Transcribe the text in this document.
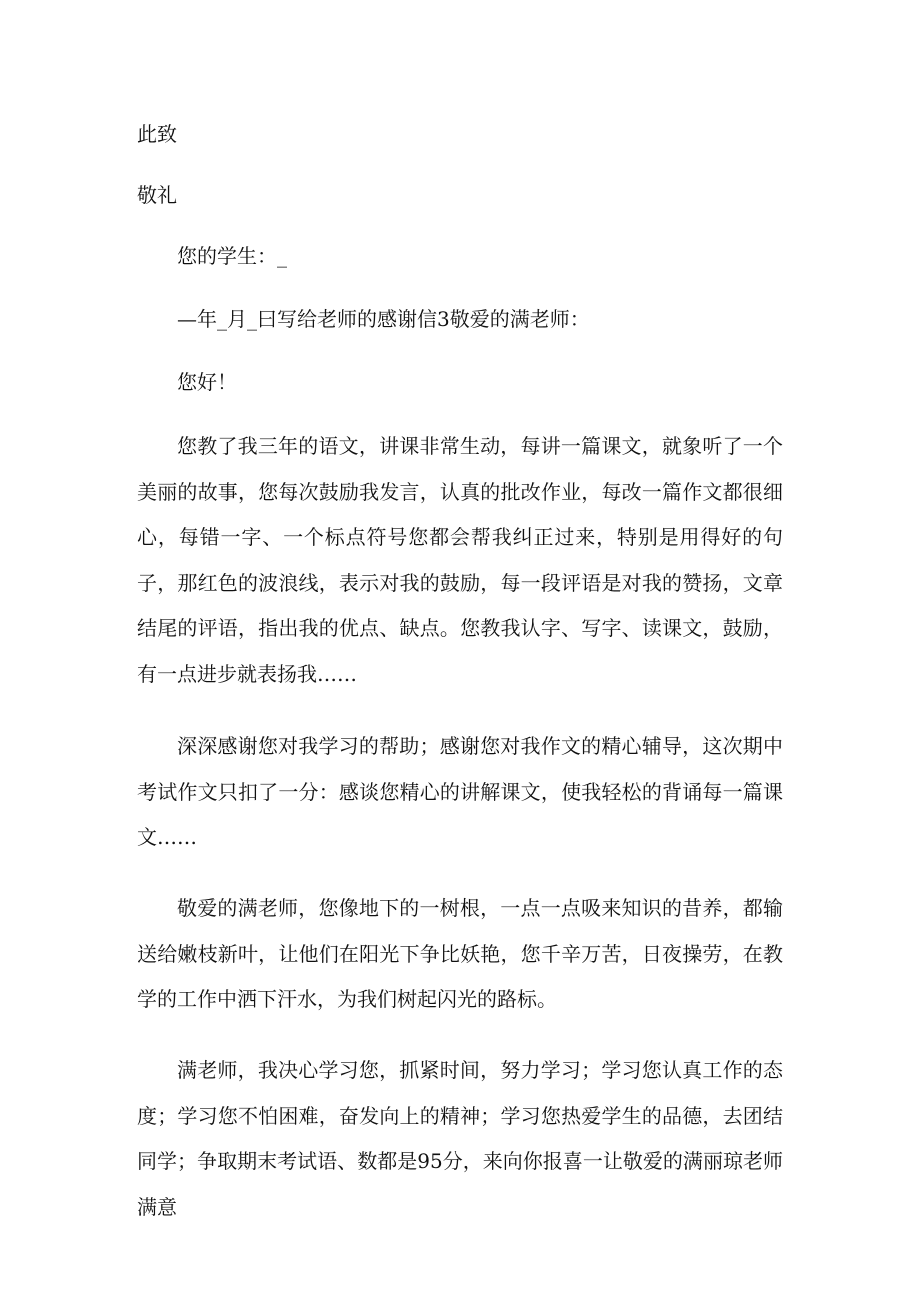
此致

敬礼

您的学生：_

—年_月_曰写给老师的感谢信3敬爱的满老师：

您好！

您教了我三年的语文，讲课非常生动，每讲一篇课文，就象听了一个美丽的故事，您每次鼓励我发言，认真的批改作业，每改一篇作文都很细心，每错一字、一个标点符号您都会帮我纠正过来，特别是用得好的句子，那红色的波浪线，表示对我的鼓励，每一段评语是对我的赞扬，文章结尾的评语，指出我的优点、缺点。您教我认字、写字、读课文，鼓励，有一点进步就表扬我……

深深感谢您对我学习的帮助；感谢您对我作文的精心辅导，这次期中考试作文只扣了一分：感谈您精心的讲解课文，使我轻松的背诵每一篇课文……

敬爱的满老师，您像地下的一树根，一点一点吸来知识的昔养，都输送给嫩枝新叶，让他们在阳光下争比妖艳，您千辛万苦，日夜操劳，在教学的工作中洒下汗水，为我们树起闪光的路标。

满老师，我决心学习您，抓紧时间，努力学习；学习您认真工作的态度；学习您不怕困难，奋发向上的精神；学习您热爱学生的品德，去团结同学；争取期末考试语、数都是95分，来向你报喜一让敬爱的满丽琼老师满意
